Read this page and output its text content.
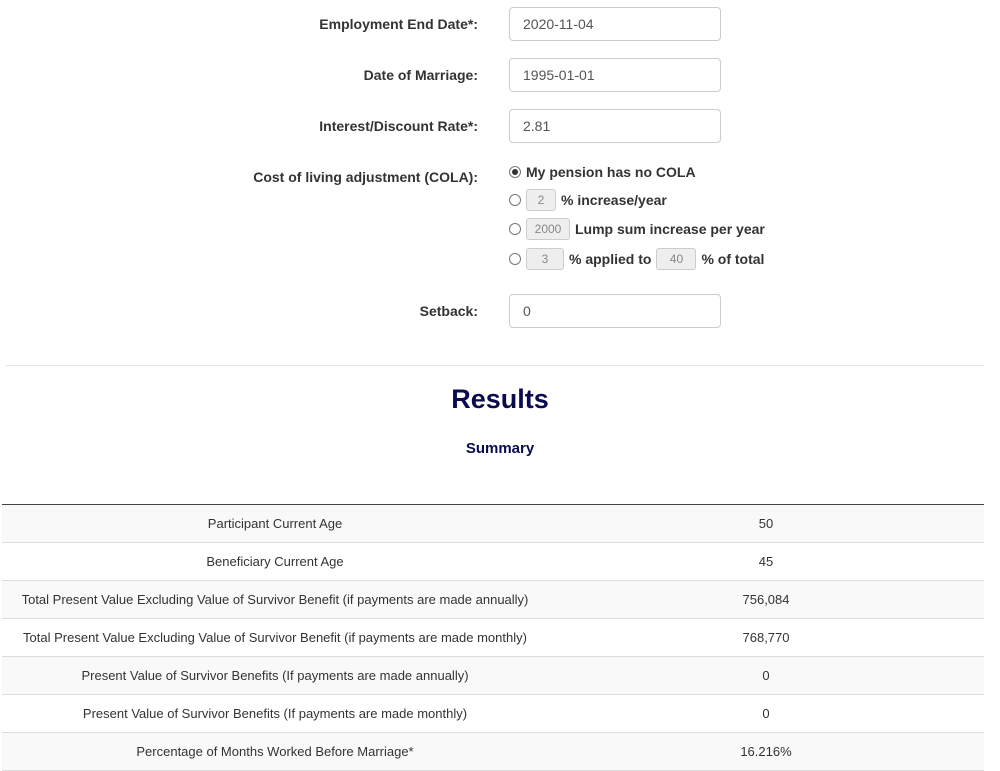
Employment End Date*:
2020-11-04
Date of Marriage:
1995-01-01
Interest/Discount Rate*:
2.81
Cost of living adjustment (COLA):	My pension has no COLA
2
% increase/year
2000
Lump sum increase per year
3
% applied to
40	% of total
Setback:
0
Results
Summary
Participant Current Age	50
Beneficiary Current Age	45
Total Present Value Excluding Value of Survivor Benefit (if payments are made annually)	756,084
Total Present Value Excluding Value of Survivor Benefit (if payments are made monthly)	768,770
Present Value of Survivor Benefits (If payments are made annually)	0
Present Value of Survivor Benefits (If payments are made monthly)	0
Percentage of Months Worked Before Marriage*	16.216%
